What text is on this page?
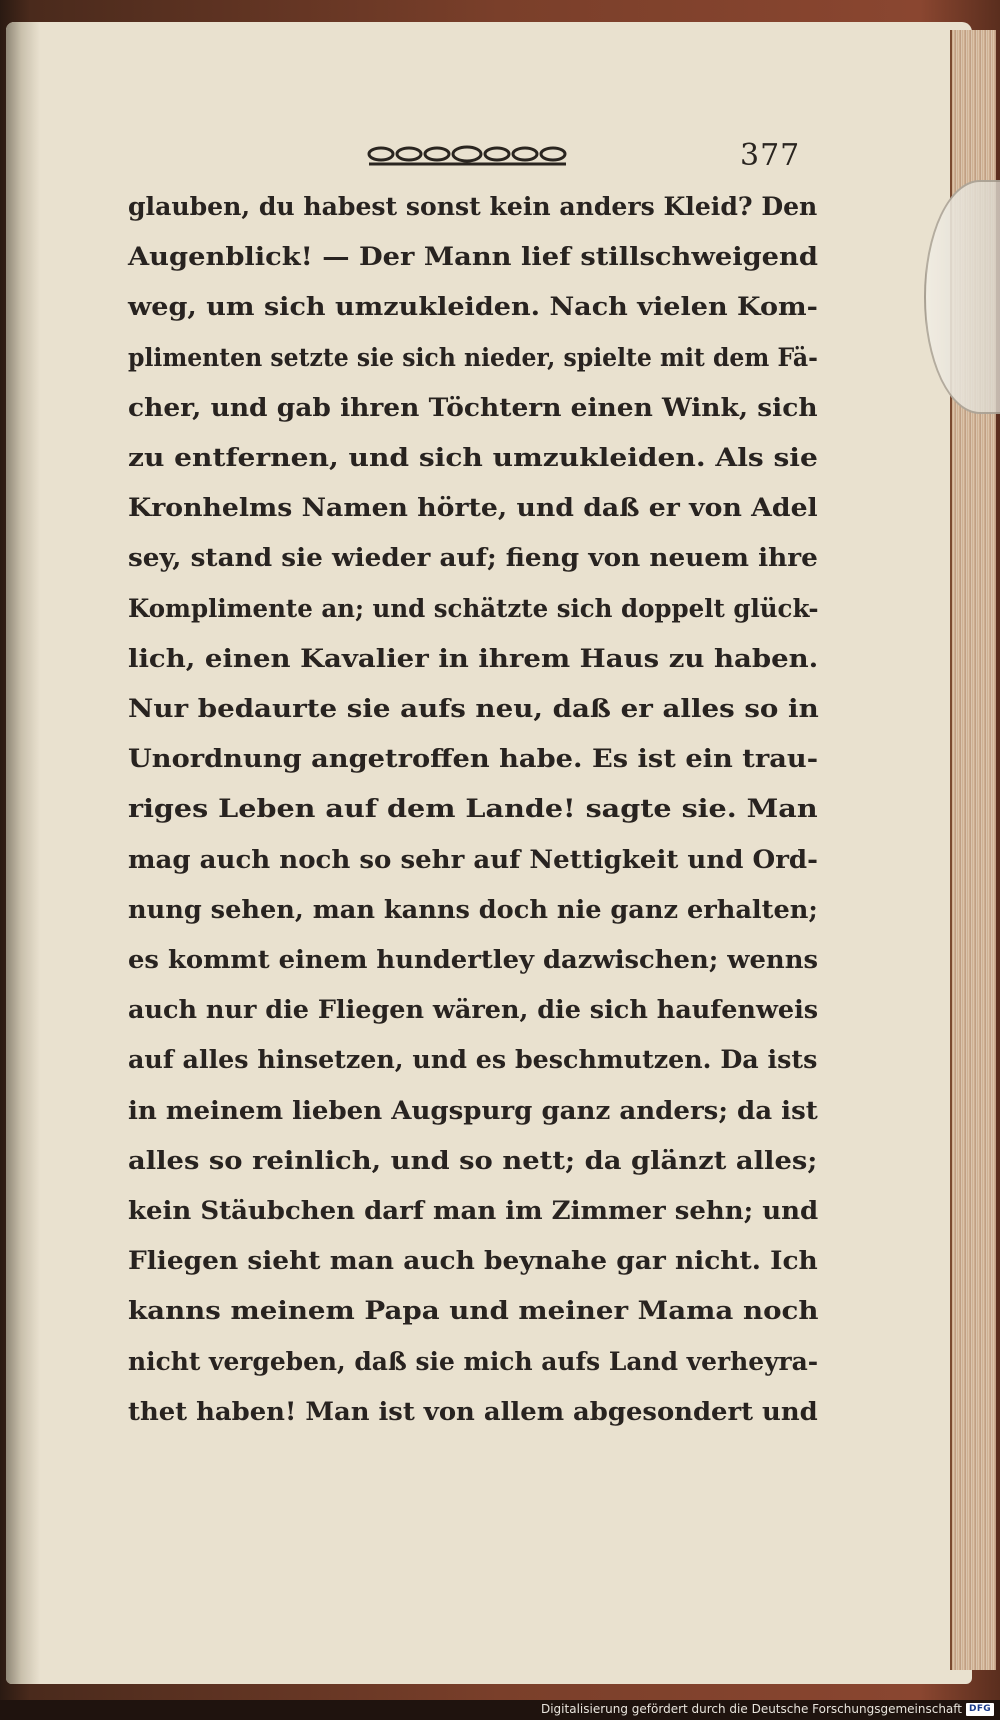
377

glauben, du habest sonst kein anders Kleid? Den

Augenblick! — Der Mann lief stillschweigend

weg, um sich umzukleiden. Nach vielen Kom-

plimenten setzte sie sich nieder, spielte mit dem Fä-

cher, und gab ihren Töchtern einen Wink, sich

zu entfernen, und sich umzukleiden. Als sie

Kronhelms Namen hörte, und daß er von Adel

sey, stand sie wieder auf; fieng von neuem ihre

Komplimente an; und schätzte sich doppelt glück-

lich, einen Kavalier in ihrem Haus zu haben.

Nur bedaurte sie aufs neu, daß er alles so in

Unordnung angetroffen habe. Es ist ein trau-

riges Leben auf dem Lande! sagte sie. Man

mag auch noch so sehr auf Nettigkeit und Ord-

nung sehen, man kanns doch nie ganz erhalten;

es kommt einem hundertley dazwischen; wenns

auch nur die Fliegen wären, die sich haufenweis

auf alles hinsetzen, und es beschmutzen. Da ists

in meinem lieben Augspurg ganz anders; da ist

alles so reinlich, und so nett; da glänzt alles;

kein Stäubchen darf man im Zimmer sehn; und

Fliegen sieht man auch beynahe gar nicht. Ich

kanns meinem Papa und meiner Mama noch

nicht vergeben, daß sie mich aufs Land verheyra-

thet haben! Man ist von allem abgesondert und

Digitalisierung gefördert durch die Deutsche Forschungsgemeinschaft DFG
